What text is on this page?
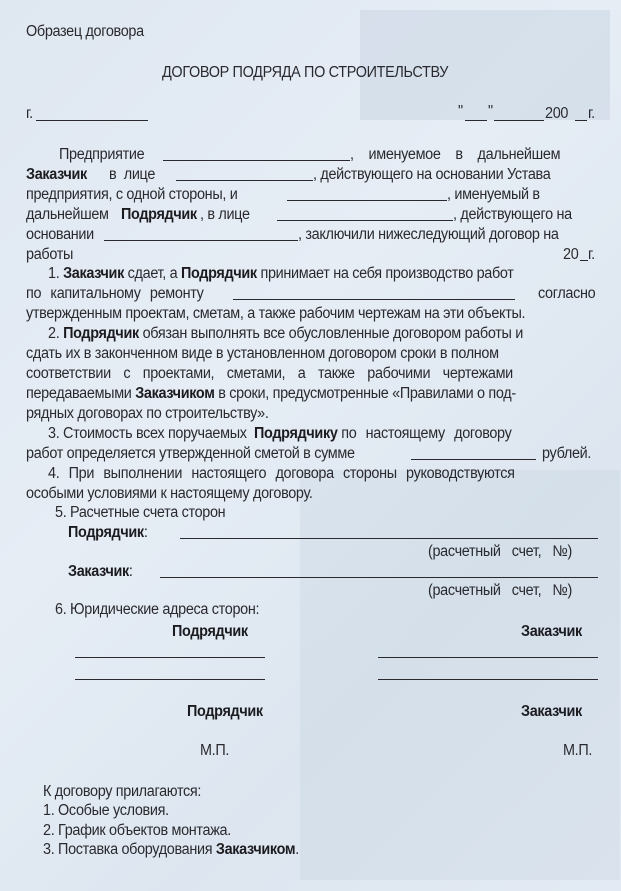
Образец договора
ДОГОВОР ПОДРЯДА ПО СТРОИТЕЛЬСТВУ
г.	" "	200 г.
Предприятие	, именуемое в дальнейшем
Заказчик в лице	, действующего на основании Устава
предприятия, с одной стороны, и	, именуемый в
дальнейшем Подрядчик , в лице	, действующего на
основании	, заключили нижеследующий договор на
работы	20 г.
1. Заказчик сдает, а Подрядчик принимает на себя производство работ
по капитальному ремонту	согласно
утвержденным проектам, сметам, а также рабочим чертежам на эти объекты.
2. Подрядчик обязан выполнять все обусловленные договором работы и
сдать их в законченном виде в установленном договором сроки в полном
соответствии с проектами, сметами, а также рабочими чертежами
передаваемыми Заказчиком в сроки, предусмотренные «Правилами о под-
рядных договорах по строительству».
3. Стоимость всех поручаемых Подрядчику по настоящему договору
работ определяется утвержденной сметой в сумме	рублей.
4. При выполнении настоящего договора стороны руководствуются
особыми условиями к настоящему договору.
5. Расчетные счета сторон
Подрядчик:
(расчетный счет, №)
Заказчик:
(расчетный счет, №)
6. Юридические адреса сторон:
Подрядчик	Заказчик
Подрядчик	Заказчик
М.П.	М.П.
К договору прилагаются:
1. Особые условия.
2. График объектов монтажа.
3. Поставка оборудования Заказчиком.
